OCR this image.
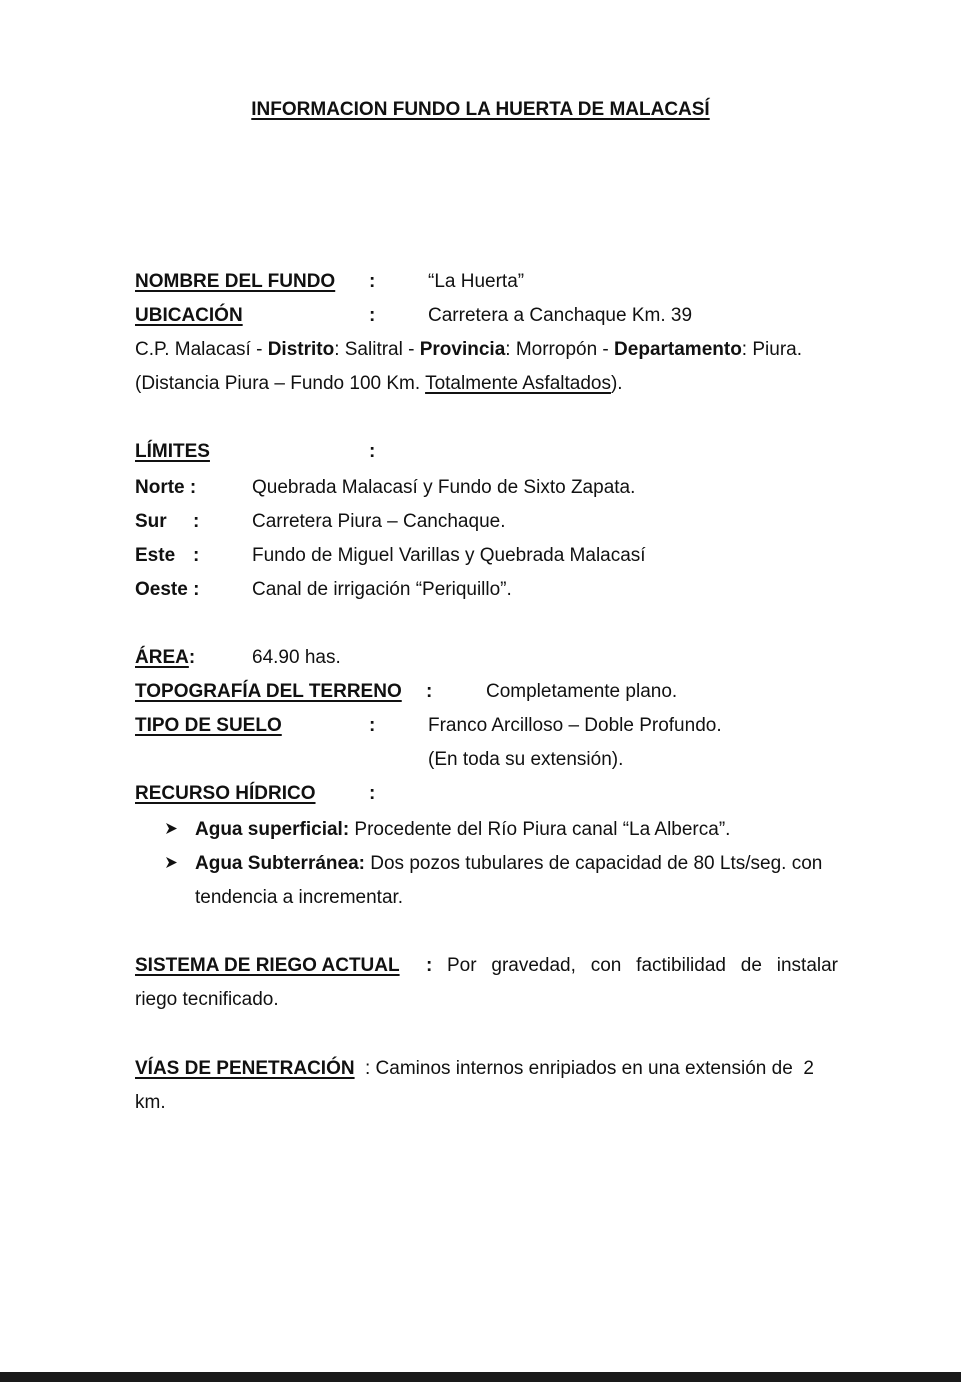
INFORMACION FUNDO LA HUERTA DE MALACASÍ
NOMBRE DEL FUNDO :	“La Huerta”
UBICACIÓN	:	Carretera a Canchaque Km. 39
C.P. Malacasí - Distrito: Salitral - Provincia: Morropón - Departamento: Piura.
(Distancia Piura – Fundo 100 Km. Totalmente Asfaltados).
LÍMITES	:
Norte :	Quebrada Malacasí y Fundo de Sixto Zapata.
Sur :	Carretera Piura – Canchaque.
Este :	Fundo de Miguel Varillas y Quebrada Malacasí
Oeste :	Canal de irrigación “Periquillo”.
ÁREA:	64.90 has.
TOPOGRAFÍA DEL TERRENO :	Completamente plano.
TIPO DE SUELO	:	Franco Arcilloso – Doble Profundo.
(En toda su extensión).
RECURSO HÍDRICO	:
Agua superficial: Procedente del Río Piura canal “La Alberca”.
Agua Subterránea: Dos pozos tubulares de capacidad de 80 Lts/seg. con
tendencia a incrementar.
SISTEMA DE RIEGO ACTUAL : Por gravedad, con factibilidad de instalar
riego tecnificado.
VÍAS DE PENETRACIÓN : Caminos internos enripiados en una extensión de  2
km.
